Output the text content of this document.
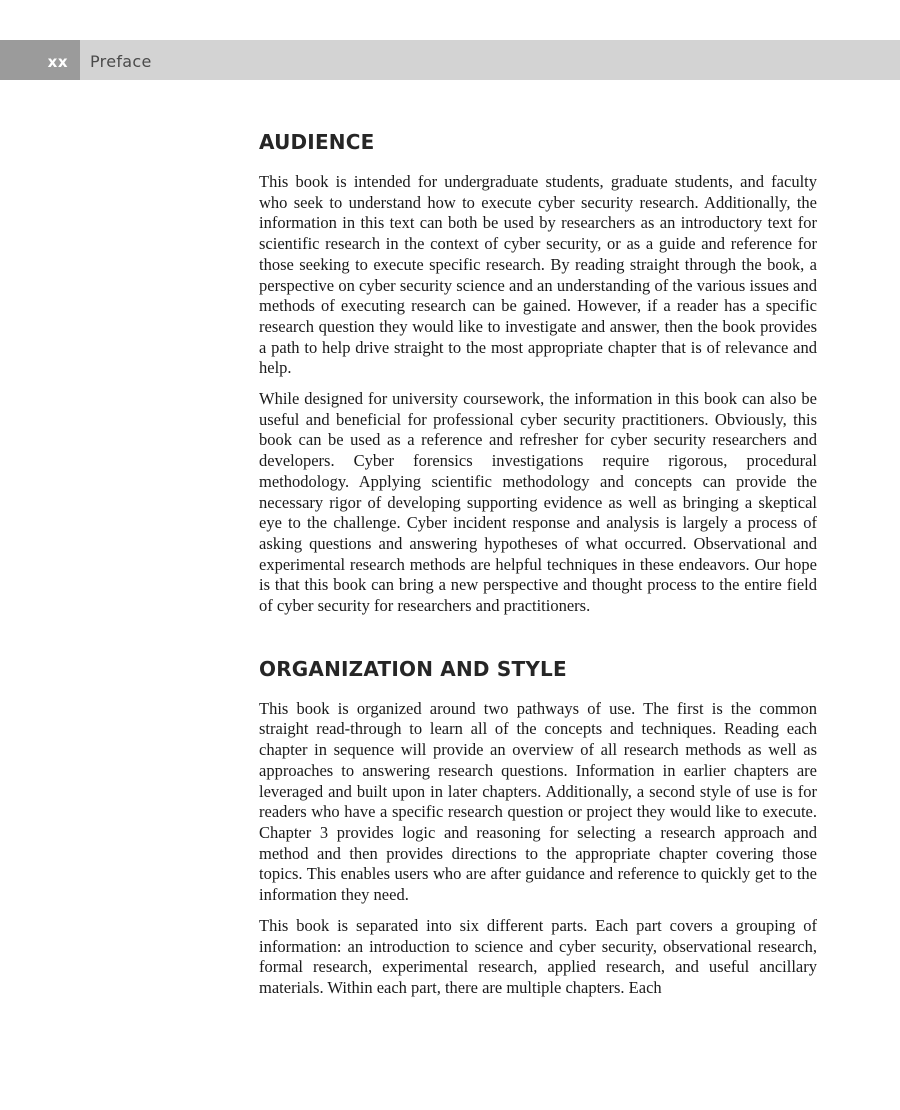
xx	Preface
AUDIENCE

This book is intended for undergraduate students, graduate students, and faculty who seek to understand how to execute cyber security research. Additionally, the information in this text can both be used by researchers as an introductory text for scientific research in the context of cyber security, or as a guide and reference for those seeking to execute specific research. By reading straight through the book, a perspective on cyber security science and an understanding of the various issues and methods of executing research can be gained. However, if a reader has a specific research question they would like to investigate and answer, then the book provides a path to help drive straight to the most appropriate chapter that is of relevance and help.

While designed for university coursework, the information in this book can also be useful and beneficial for professional cyber security practitioners. Obviously, this book can be used as a reference and refresher for cyber security researchers and developers. Cyber forensics investigations require rigorous, procedural methodology. Applying scientific methodology and concepts can provide the necessary rigor of developing supporting evidence as well as bringing a skeptical eye to the challenge. Cyber incident response and analysis is largely a process of asking questions and answering hypotheses of what occurred. Observational and experimental research methods are helpful techniques in these endeavors. Our hope is that this book can bring a new perspective and thought process to the entire field of cyber security for researchers and practitioners.

ORGANIZATION AND STYLE

This book is organized around two pathways of use. The first is the common straight read-through to learn all of the concepts and techniques. Reading each chapter in sequence will provide an overview of all research methods as well as approaches to answering research questions. Information in earlier chapters are leveraged and built upon in later chapters. Additionally, a second style of use is for readers who have a specific research question or project they would like to execute. Chapter 3 provides logic and reasoning for selecting a research approach and method and then provides directions to the appropriate chapter covering those topics. This enables users who are after guidance and reference to quickly get to the information they need.

This book is separated into six different parts. Each part covers a grouping of information: an introduction to science and cyber security, observational research, formal research, experimental research, applied research, and useful ancillary materials. Within each part, there are multiple chapters. Each
